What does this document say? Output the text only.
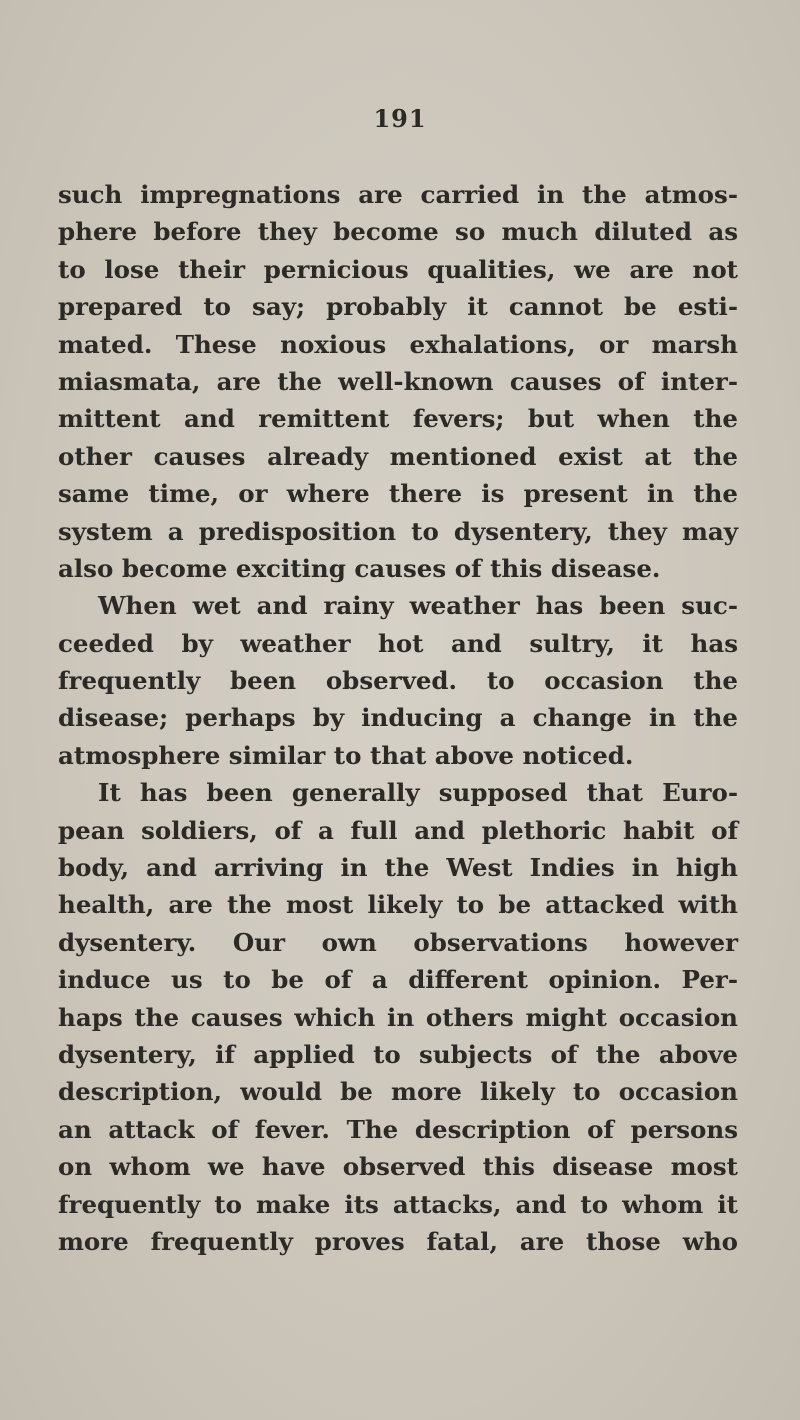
191
such impregnations are carried in the atmos-
phere before they become so much diluted as
to lose their pernicious qualities, we are not
prepared to say; probably it cannot be esti-
mated. These noxious exhalations, or marsh
miasmata, are the well-known causes of inter-
mittent and remittent fevers; but when the
other causes already mentioned exist at the
same time, or where there is present in the
system a predisposition to dysentery, they may
also become exciting causes of this disease.
When wet and rainy weather has been suc-
ceeded by weather hot and sultry, it has
frequently been observed. to occasion the
disease; perhaps by inducing a change in the
atmosphere similar to that above noticed.
It has been generally supposed that Euro-
pean soldiers, of a full and plethoric habit of
body, and arriving in the West Indies in high
health, are the most likely to be attacked with
dysentery. Our own observations however
induce us to be of a different opinion. Per-
haps the causes which in others might occasion
dysentery, if applied to subjects of the above
description, would be more likely to occasion
an attack of fever. The description of persons
on whom we have observed this disease most
frequently to make its attacks, and to whom it
more frequently proves fatal, are those who
